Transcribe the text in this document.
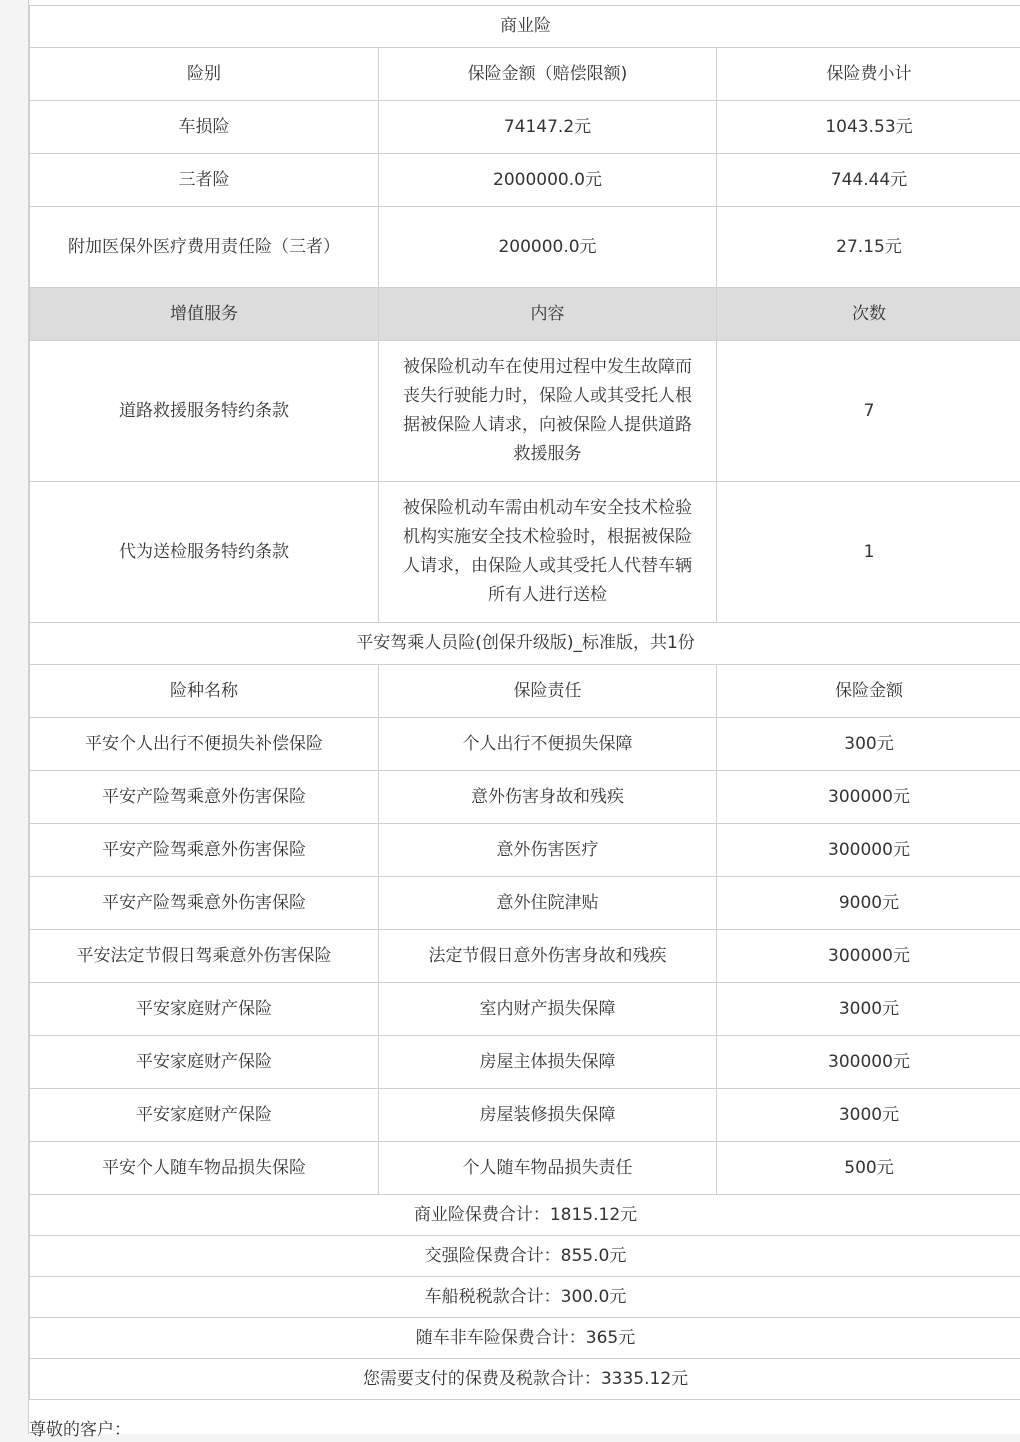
商业险		
险别	保险金额（赔偿限额)	保险费小计
车损险	74147.2元	1043.53元
三者险	2000000.0元	744.44元
附加医保外医疗费用责任险（三者）	200000.0元	27.15元
增值服务	内容	次数
道路救援服务特约条款	被保险机动车在使用过程中发生故障而丧失行驶能力时，保险人或其受托人根据被保险人请求，向被保险人提供道路救援服务	7
代为送检服务特约条款	被保险机动车需由机动车安全技术检验机构实施安全技术检验时，根据被保险人请求，由保险人或其受托人代替车辆所有人进行送检	1
平安驾乘人员险(创保升级版)_标准版，共1份		
险种名称	保险责任	保险金额
平安个人出行不便损失补偿保险	个人出行不便损失保障	300元
平安产险驾乘意外伤害保险	意外伤害身故和残疾	300000元
平安产险驾乘意外伤害保险	意外伤害医疗	300000元
平安产险驾乘意外伤害保险	意外住院津贴	9000元
平安法定节假日驾乘意外伤害保险	法定节假日意外伤害身故和残疾	300000元
平安家庭财产保险	室内财产损失保障	3000元
平安家庭财产保险	房屋主体损失保障	300000元
平安家庭财产保险	房屋装修损失保障	3000元
平安个人随车物品损失保险	个人随车物品损失责任	500元
商业险保费合计：1815.12元		
交强险保费合计：855.0元		
车船税税款合计：300.0元		
随车非车险保费合计：365元		
您需要支付的保费及税款合计：3335.12元		
尊敬的客户：
